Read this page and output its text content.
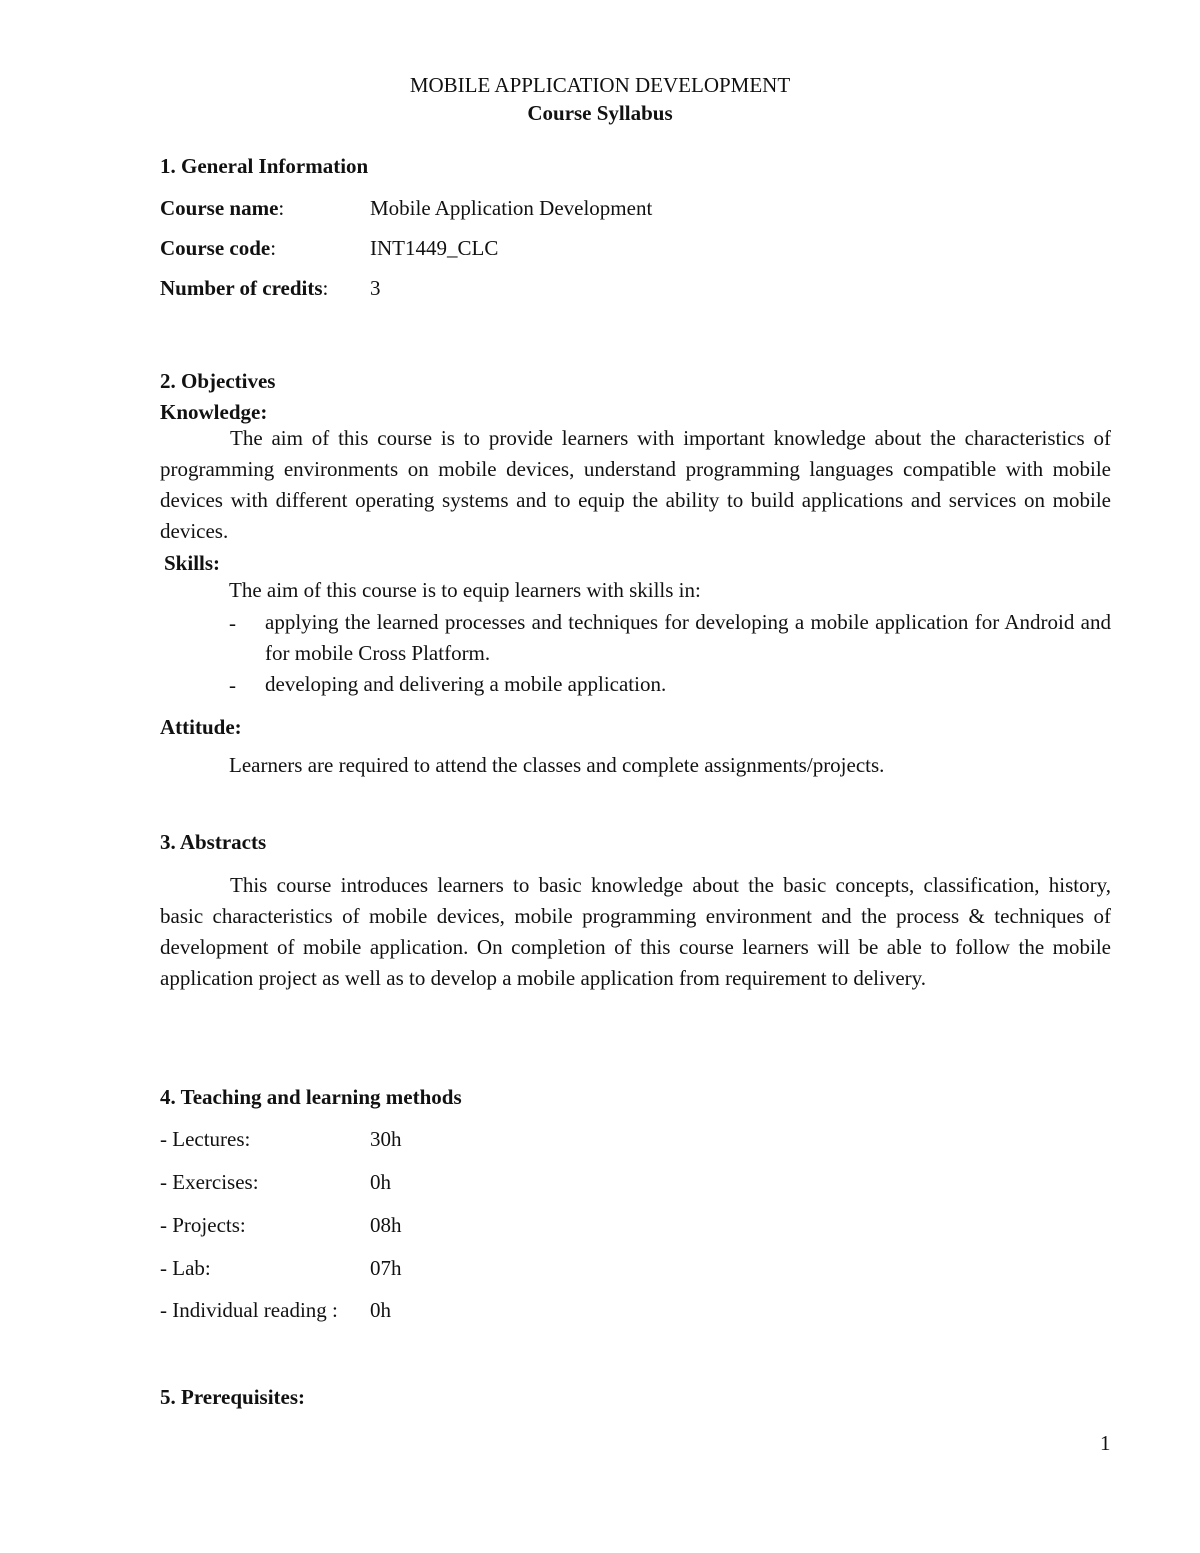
MOBILE APPLICATION DEVELOPMENT
Course Syllabus
1. General Information
Course name:	Mobile Application Development
Course code:	INT1449_CLC
Number of credits: 3
2. Objectives
Knowledge:
The aim of this course is to provide learners with important knowledge about the characteristics of programming environments on mobile devices, understand programming languages compatible with mobile devices with different operating systems and to equip the ability to build applications and services on mobile devices.
Skills:
The aim of this course is to equip learners with skills in:
- applying the learned processes and techniques for developing a mobile application for Android and for mobile Cross Platform.
- developing and delivering a mobile application.
Attitude:
Learners are required to attend the classes and complete assignments/projects.
3. Abstracts
This course introduces learners to basic knowledge about the basic concepts, classification, history, basic characteristics of mobile devices, mobile programming environment and the process & techniques of development of mobile application. On completion of this course learners will be able to follow the mobile application project as well as to develop a mobile application from requirement to delivery.
4. Teaching and learning methods
- Lectures:	30h
- Exercises:	0h
- Projects:	08h
- Lab:	07h
- Individual reading : 0h
5. Prerequisites:
1
